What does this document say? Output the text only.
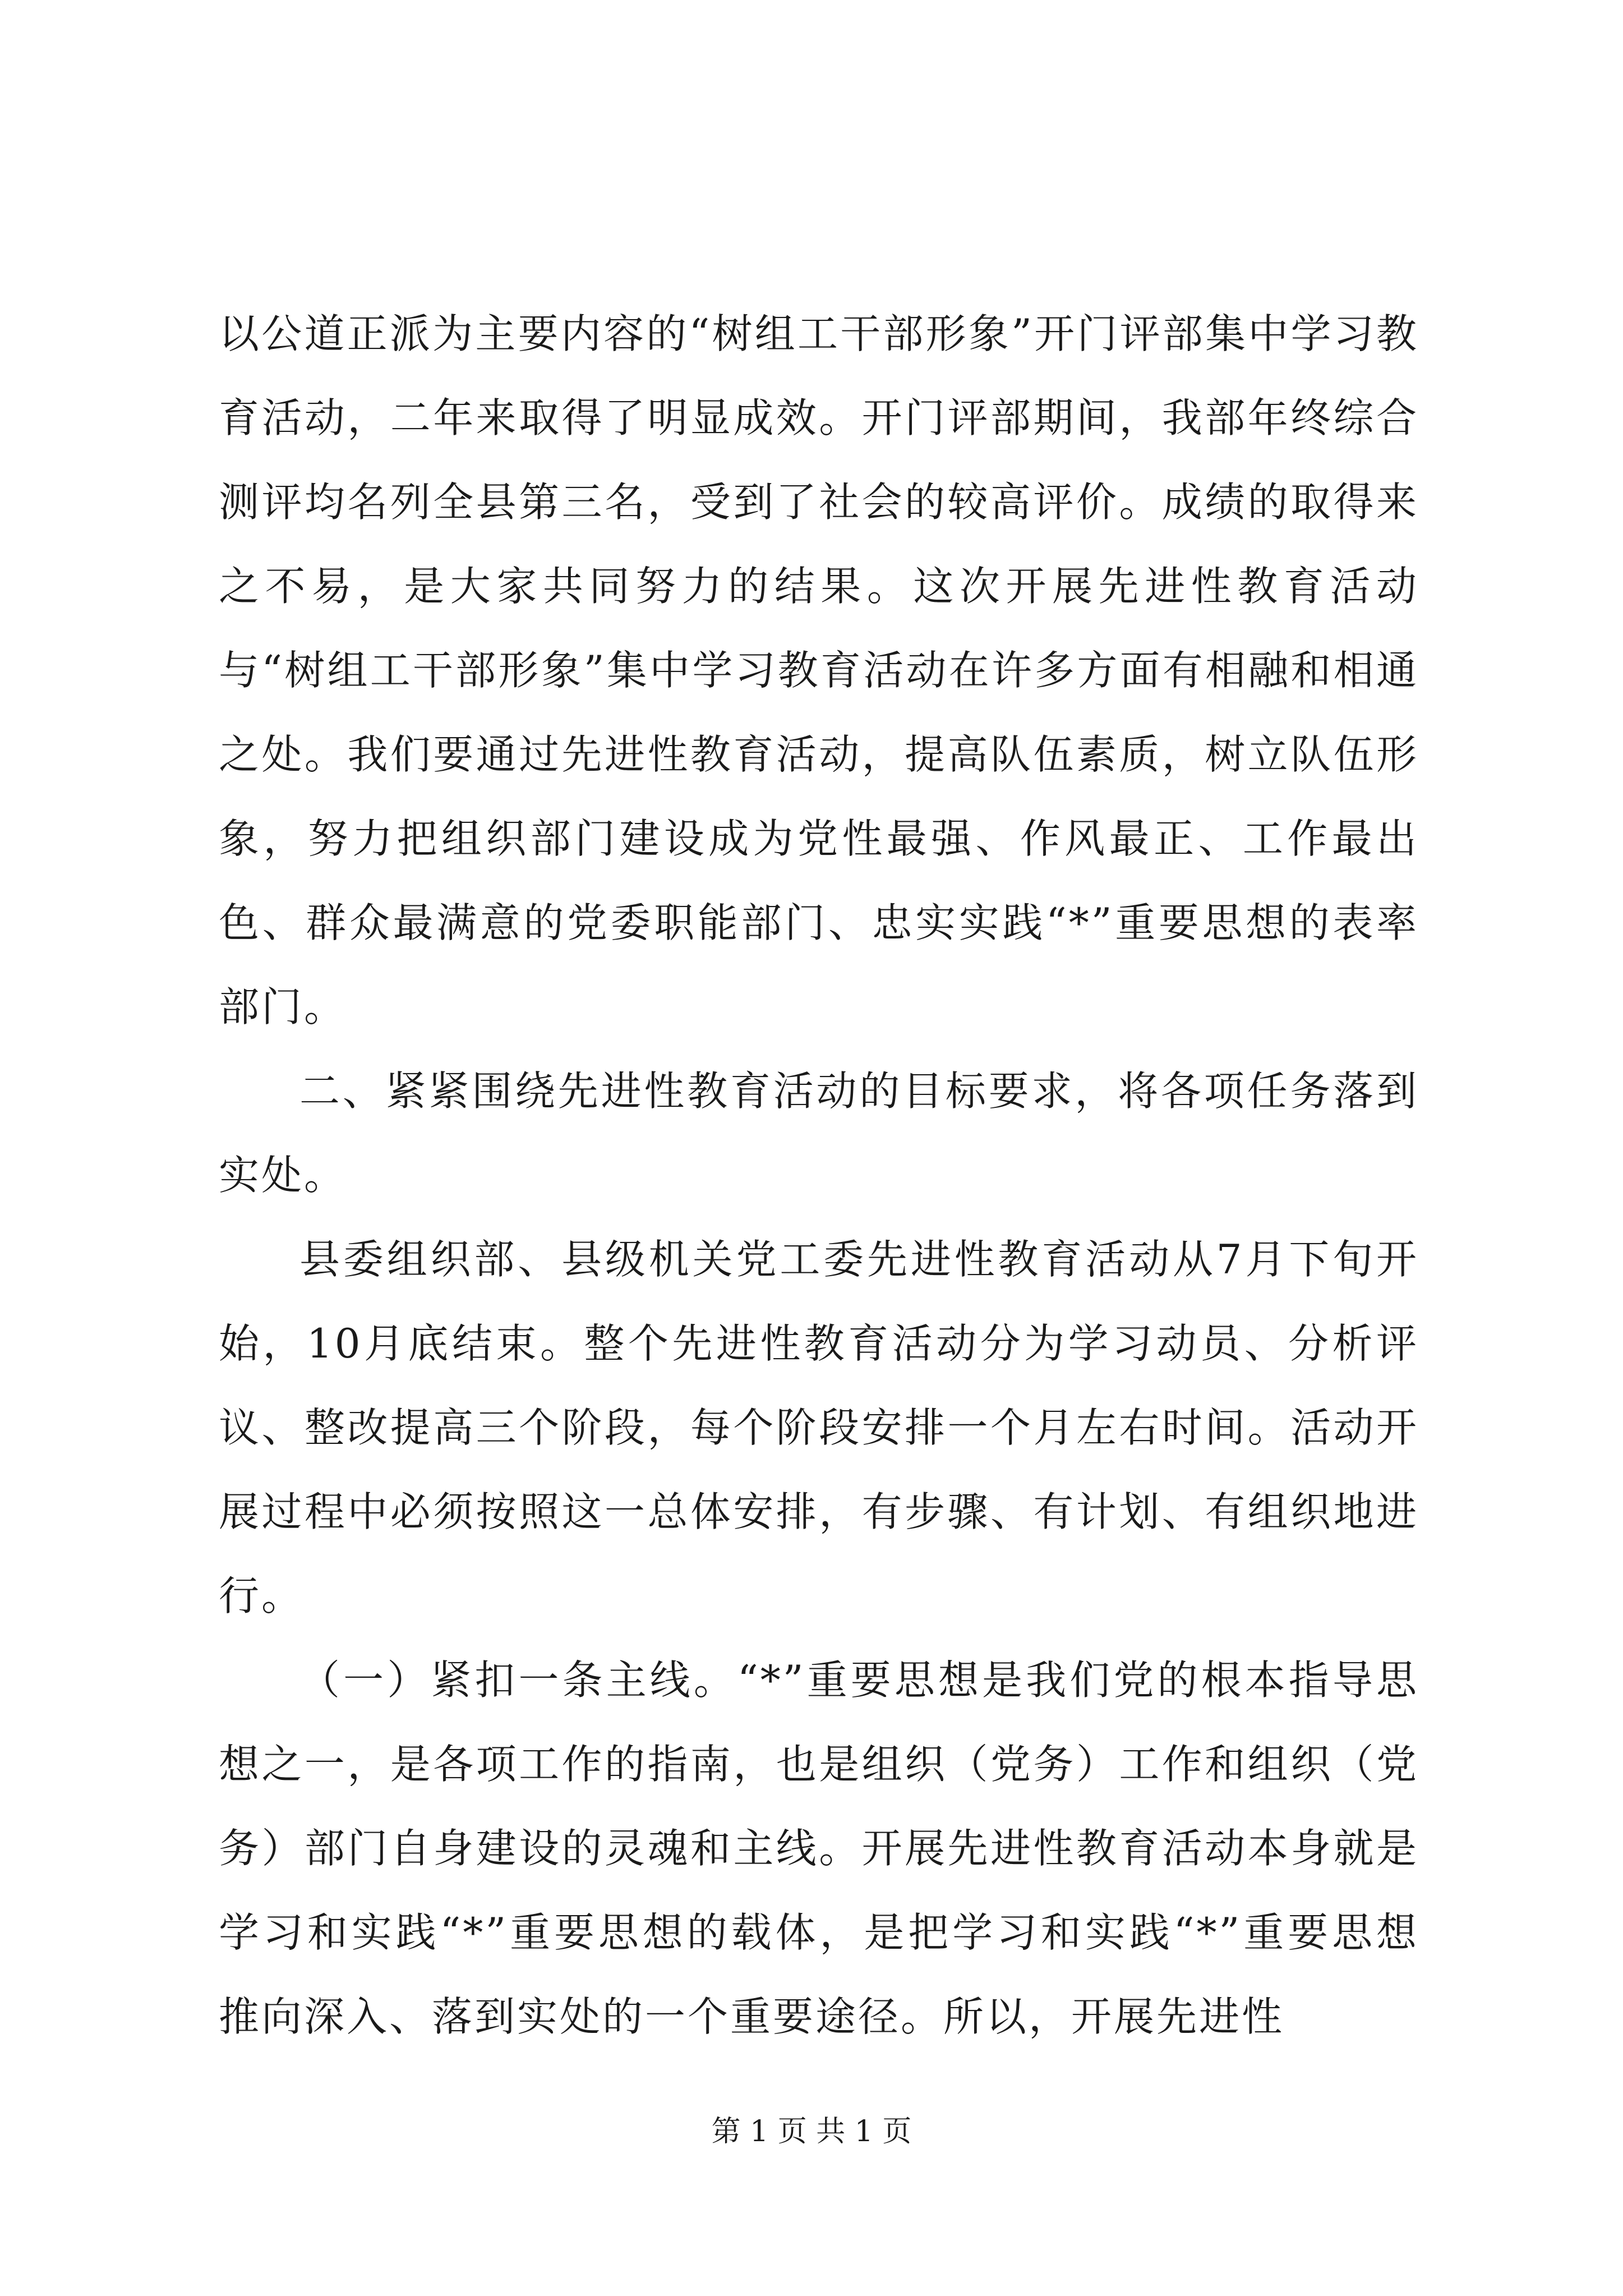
以公道正派为主要内容的“树组工干部形象”开门评部集中学习教育活动，二年来取得了明显成效。开门评部期间，我部年终综合测评均名列全县第三名，受到了社会的较高评价。成绩的取得来之不易，是大家共同努力的结果。这次开展先进性教育活动与“树组工干部形象”集中学习教育活动在许多方面有相融和相通之处。我们要通过先进性教育活动，提高队伍素质，树立队伍形象，努力把组织部门建设成为党性最强、作风最正、工作最出色、群众最满意的党委职能部门、忠实实践“*”重要思想的表率部门。

二、紧紧围绕先进性教育活动的目标要求，将各项任务落到实处。

县委组织部、县级机关党工委先进性教育活动从7月下旬开始，10月底结束。整个先进性教育活动分为学习动员、分析评议、整改提高三个阶段，每个阶段安排一个月左右时间。活动开展过程中必须按照这一总体安排，有步骤、有计划、有组织地进行。

（一）紧扣一条主线。“*”重要思想是我们党的根本指导思想之一，是各项工作的指南，也是组织（党务）工作和组织（党务）部门自身建设的灵魂和主线。开展先进性教育活动本身就是学习和实践“*”重要思想的载体，是把学习和实践“*”重要思想推向深入、落到实处的一个重要途径。所以，开展先进性

第 1 页 共 1 页
